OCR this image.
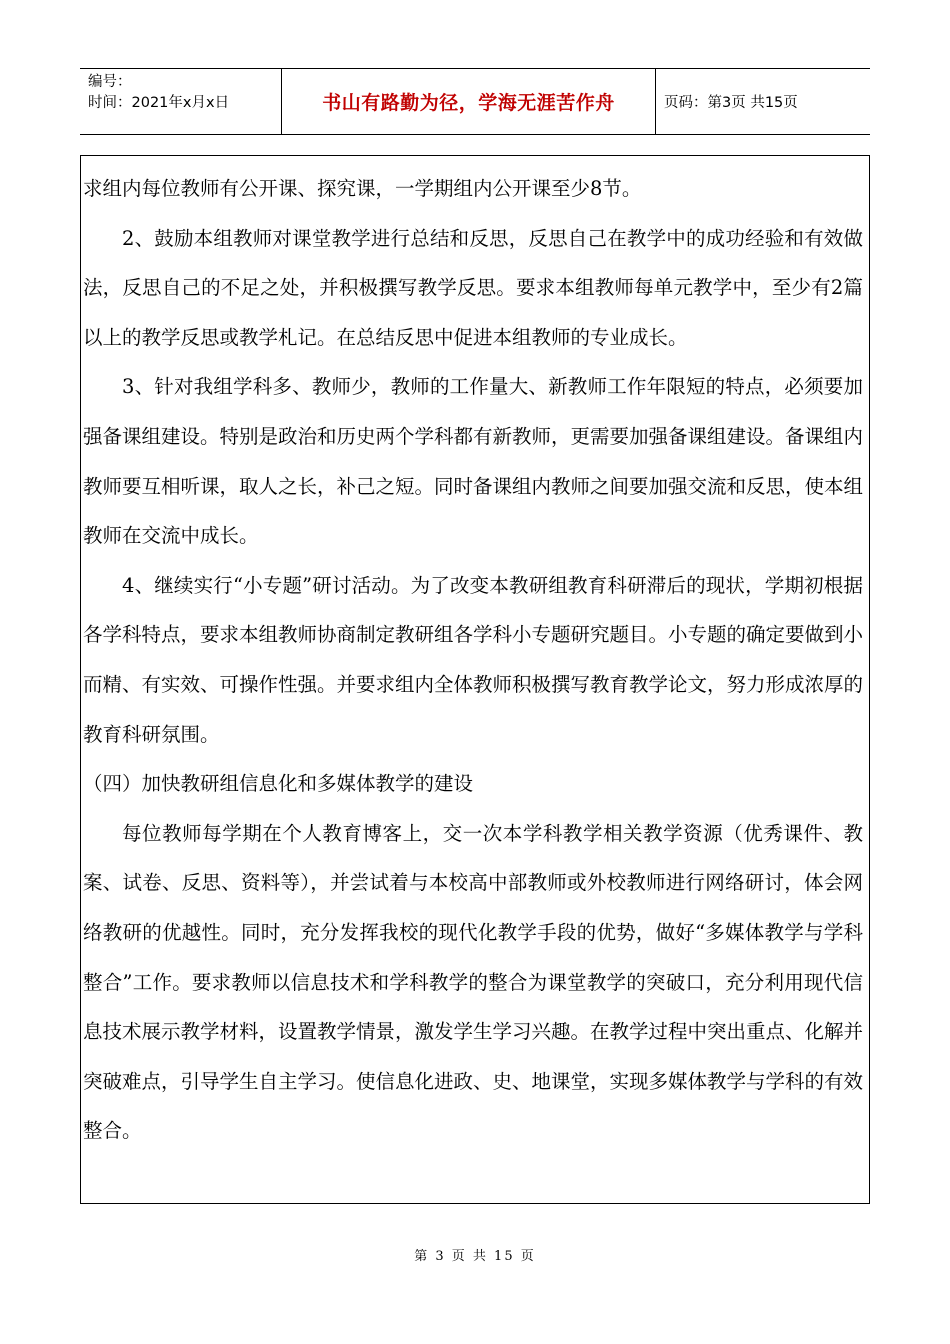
编号：
时间：2021年x月x日	书山有路勤为径，学海无涯苦作舟	页码：第3页 共15页

求组内每位教师有公开课、探究课，一学期组内公开课至少8节。

2、鼓励本组教师对课堂教学进行总结和反思，反思自己在教学中的成功经验和有效做法，反思自己的不足之处，并积极撰写教学反思。要求本组教师每单元教学中，至少有2篇以上的教学反思或教学札记。在总结反思中促进本组教师的专业成长。

3、针对我组学科多、教师少，教师的工作量大、新教师工作年限短的特点，必须要加强备课组建设。特别是政治和历史两个学科都有新教师，更需要加强备课组建设。备课组内教师要互相听课，取人之长，补己之短。同时备课组内教师之间要加强交流和反思，使本组教师在交流中成长。

4、继续实行“小专题”研讨活动。为了改变本教研组教育科研滞后的现状，学期初根据各学科特点，要求本组教师协商制定教研组各学科小专题研究题目。小专题的确定要做到小而精、有实效、可操作性强。并要求组内全体教师积极撰写教育教学论文，努力形成浓厚的教育科研氛围。

（四）加快教研组信息化和多媒体教学的建设

每位教师每学期在个人教育博客上，交一次本学科教学相关教学资源（优秀课件、教案、试卷、反思、资料等），并尝试着与本校高中部教师或外校教师进行网络研讨，体会网络教研的优越性。同时，充分发挥我校的现代化教学手段的优势，做好“多媒体教学与学科整合”工作。要求教师以信息技术和学科教学的整合为课堂教学的突破口，充分利用现代信息技术展示教学材料，设置教学情景，激发学生学习兴趣。在教学过程中突出重点、化解并突破难点，引导学生自主学习。使信息化进政、史、地课堂，实现多媒体教学与学科的有效整合。

第 3 页 共 15 页
